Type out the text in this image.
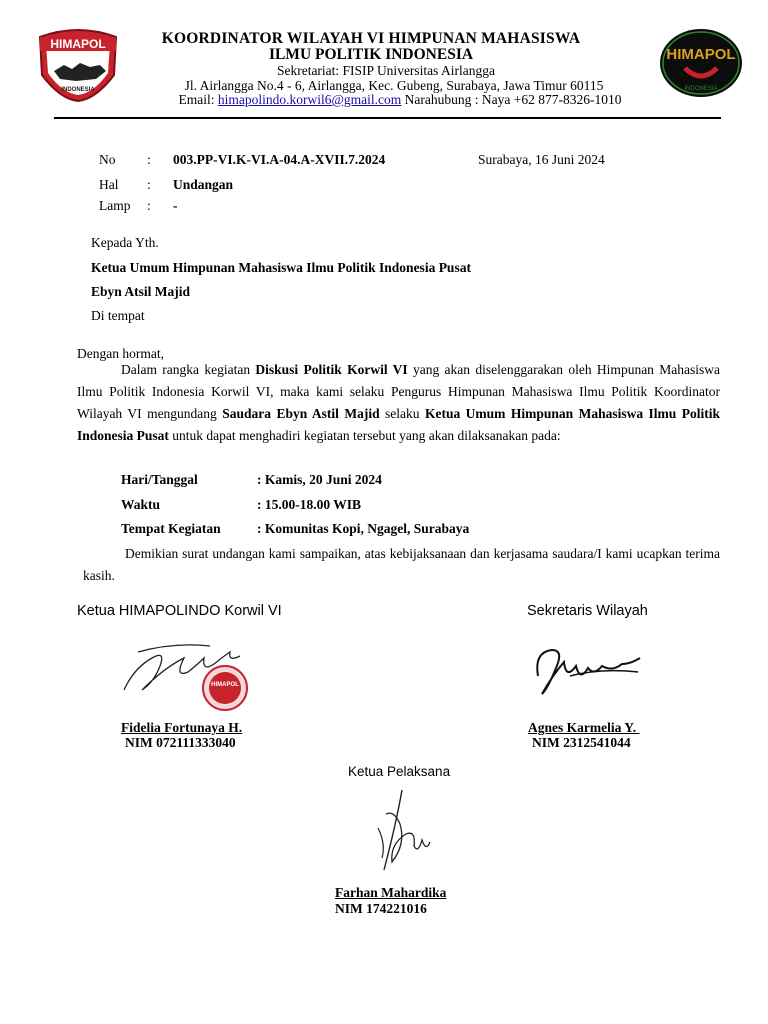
HIMAPOL
INDONESIA
HIMAPOL
INDONESIA
KOORDINATOR WILAYAH VI HIMPUNAN MAHASISWA
ILMU POLITIK INDONESIA
Sekretariat: FISIP Universitas Airlangga
Jl. Airlangga No.4 - 6, Airlangga, Kec. Gubeng, Surabaya, Jawa Timur 60115
Email: himapolindo.korwil6@gmail.com Narahubung : Naya +62 877-8326-1010
No : 003.PP-VI.K-VI.A-04.A-XVII.7.2024	Surabaya, 16 Juni 2024
Hal : Undangan
Lamp : -
Kepada Yth.
Ketua Umum Himpunan Mahasiswa Ilmu Politik Indonesia Pusat
Ebyn Atsil Majid
Di tempat
Dengan hormat,
Dalam rangka kegiatan Diskusi Politik Korwil VI yang akan diselenggarakan oleh Himpunan Mahasiswa Ilmu Politik Indonesia Korwil VI, maka kami selaku Pengurus Himpunan Mahasiswa Ilmu Politik Koordinator Wilayah VI mengundang Saudara Ebyn Astil Majid selaku Ketua Umum Himpunan Mahasiswa Ilmu Politik Indonesia Pusat untuk dapat menghadiri kegiatan tersebut yang akan dilaksanakan pada:
Hari/Tanggal	: Kamis, 20 Juni 2024
Waktu	: 15.00-18.00 WIB
Tempat Kegiatan	: Komunitas Kopi, Ngagel, Surabaya
Demikian surat undangan kami sampaikan, atas kebijaksanaan dan kerjasama saudara/I kami ucapkan terima kasih.
Ketua HIMAPOLINDO Korwil VI	Sekretaris Wilayah
HIMAPOL
Fidelia Fortunaya H.
NIM 072111333040
Agnes Karmelia Y.
NIM 2312541044
Ketua Pelaksana
Farhan Mahardika
NIM 174221016
